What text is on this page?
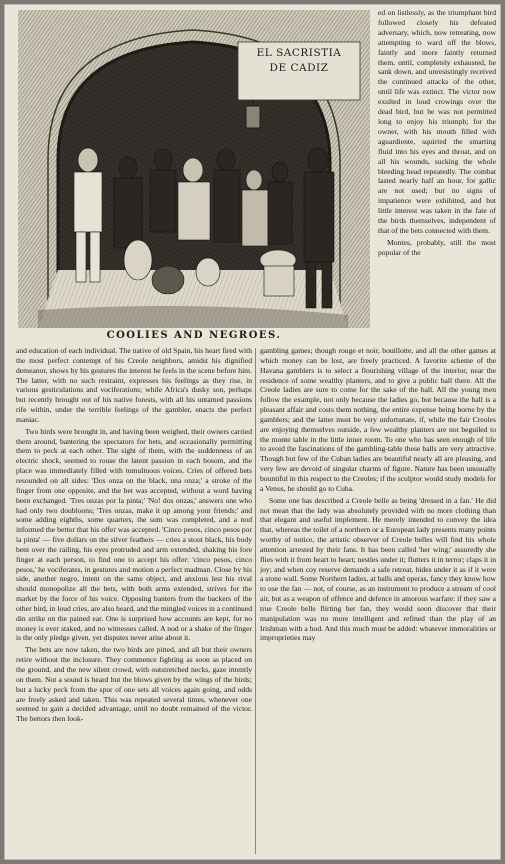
EL SACRISTIA
DE CADIZ
COOLIES AND NEGROES.

ed on listlessly, as the triumphant bird followed closely his defeated adversary, which, now retreating, now attempting to ward off the blows, faintly and more faintly returned them, until, completely exhausted, he sank down, and unresistingly received the continued attacks of the other, until life was extinct. The victor now exulted in loud crowings over the dead bird, but he was not permitted long to enjoy his triumph; for the owner, with his mouth filled with aguardiente, squirted the smarting fluid into his eyes and throat, and on all his wounds, sucking the whole bleeding head repeatedly. The combat lasted nearly half an hour, for gallic are not used; but no signs of impatience were exhibited, and but little interest was taken in the fate of the birds themselves, independent of that of the bets connected with them.

Montes, probably, still the most popular of the

and education of each individual. The native of old Spain, his heart fired with the most perfect contempt of his Creole neighbors, amidst his dignified demeanor, shows by his gestures the interest he feels in the scene before him. The latter, with no such restraint, expresses his feelings as they rise, in various gesticulations and vociferations; while Africa's dusky son, perhaps but recently brought out of his native forests, with all his untamed passions rife within, under the terrible feelings of the gambler, enacts the perfect maniac.

Two birds were brought in, and having been weighed, their owners carried them around, bantering the spectators for bets, and occasionally permitting them to peck at each other. The sight of them, with the suddenness of an electric shock, seemed to rouse the latent passion in each bosom, and the place was immediately filled with tumultuous voices. Cries of offered bets resounded on all sides: 'Dos onza on the black, una onza;' a stroke of the finger from one opposite, and the bet was accepted, without a word having been exchanged. 'Tres onzas por la pinta;' 'No! dos onzas,' answers one who had only two doubloons; 'Tres onzas, make it up among your friends;' and some adding eighths, some quarters, the sum was completed, and a nod informed the bettor that his offer was accepted. 'Cinco pesos, cinco pesos por la pinta' — five dollars on the silver feathers — cries a stout black, his body bent over the railing, his eyes protruded and arm extended, shaking his fore finger at each person, to find one to accept his offer: 'cinco pesos, cinco pesos,' he vociferates, in gestures and motion a perfect madman. Close by his side, another negro, intent on the same object, and anxious lest his rival should monopolize all the bets, with both arms extended, strives for the market by the force of his voice. Opposing banters from the backers of the other bird, in loud cries, are also heard, and the mingled voices in a continued din strike on the pained ear. One is surprised how accounts are kept, for no money is ever staked, and no witnesses called. A nod or a shake of the finger is the only pledge given, yet disputes never arise about it.

The bets are now taken, the two birds are pitted, and all but their owners retire without the inclosure. They commence fighting as soon as placed on the ground, and the new silent crowd, with outstretched necks, gaze intently on them. Not a sound is heard but the blows given by the wings of the birds; but a lucky peck from the spur of one sets all voices again going, and odds are freely asked and taken. This was repeated several times, whenever one seemed to gain a decided advantage, until no doubt remained of the victor. The bettors then look-

gambling games; though rouge et noir, bouillotte, and all the other games at which money can be lost, are freely practiced. A favorite scheme of the Havana gamblers is to select a flourishing village of the interior, near the residence of some wealthy planters, and to give a public ball there. All the Creole ladies are sure to come for the sake of the ball. All the young men follow the example, not only because the ladies go, but because the ball is a pleasant affair and costs them nothing, the entire expense being borne by the gamblers; and the latter must be very unfortunate, if, while the fair Creoles are enjoying themselves outside, a few wealthy planters are not beguiled to the monte table in the little inner room. To one who has seen enough of life to avoid the fascinations of the gambling-table these balls are very attractive. Though but few of the Cuban ladies are beautiful nearly all are pleasing, and very few are devoid of singular charms of figure. Nature has been unusually bountiful in this respect to the Creoles; if the sculptor would study models for a Venus, he should go to Cuba.

Some one has described a Creole belle as being 'dressed in a fan.' He did not mean that the lady was absolutely provided with no more clothing than that elegant and useful implement. He merely intended to convey the idea that, whereas the toilet of a northern or a European lady presents many points worthy of notice, the artistic observer of Creole belles will find his whole attention arrested by their fans. It has been called 'her wing;' assuredly she flies with it from heart to heart; nestles under it; flutters it in terror; claps it in joy; and when coy reserve demands a safe retreat, hides under it as if it were a stone wall. Some Northern ladies, at balls and operas, fancy they know how to use the fan — not, of course, as an instrument to produce a stream of cool air, but as a weapon of offence and defence in amorous warfare: if they saw a true Creole belle flirting her fan, they would soon discover that their manipulation was no more intelligent and refined than the play of an Irishman with a hod. And this much must be added: whatever immoralities or improprieties may
